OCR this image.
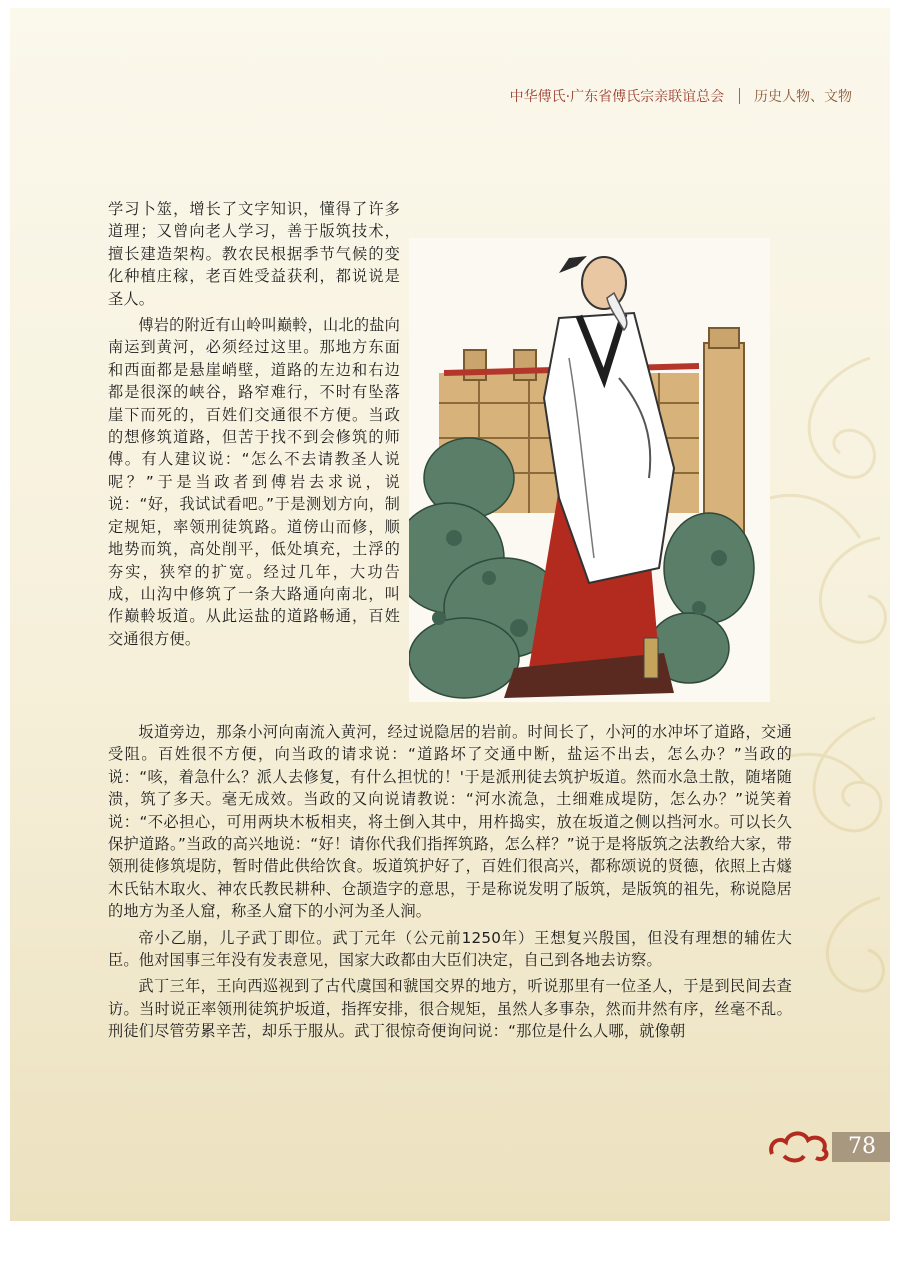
中华傅氏·广东省傅氏宗亲联谊总会 历史人物、文物

学习卜筮，增长了文字知识，懂得了许多道理；又曾向老人学习，善于版筑技术，擅长建造架构。教农民根据季节气候的变化种植庄稼，老百姓受益获利，都说说是圣人。

傅岩的附近有山岭叫巅軨，山北的盐向南运到黄河，必须经过这里。那地方东面和西面都是悬崖峭壁，道路的左边和右边都是很深的峡谷，路窄难行，不时有坠落崖下而死的，百姓们交通很不方便。当政的想修筑道路，但苦于找不到会修筑的师傅。有人建议说：“怎么不去请教圣人说呢？”于是当政者到傅岩去求说，说说：“好，我试试看吧。”于是测划方向，制定规矩，率领刑徒筑路。道傍山而修，顺地势而筑，高处削平，低处填充，土浮的夯实，狭窄的扩宽。经过几年，大功告成，山沟中修筑了一条大路通向南北，叫作巅軨坂道。从此运盐的道路畅通，百姓交通很方便。

坂道旁边，那条小河向南流入黄河，经过说隐居的岩前。时间长了，小河的水冲坏了道路，交通受阻。百姓很不方便，向当政的请求说：“道路坏了交通中断，盐运不出去，怎么办？”当政的说：“咳，着急什么？派人去修复，有什么担忧的！'于是派刑徒去筑护坂道。然而水急土散，随堵随溃，筑了多天。毫无成效。当政的又向说请教说：“河水流急，土细难成堤防，怎么办？”说笑着说：“不必担心，可用两块木板相夹，将土倒入其中，用杵捣实，放在坂道之侧以挡河水。可以长久保护道路。”当政的高兴地说：“好！请你代我们指挥筑路，怎么样？”说于是将版筑之法教给大家，带领刑徒修筑堤防，暂时借此供给饮食。坂道筑护好了，百姓们很高兴，都称颂说的贤德，依照上古燧木氏钻木取火、神农氏教民耕种、仓颉造字的意思，于是称说发明了版筑，是版筑的祖先，称说隐居的地方为圣人窟，称圣人窟下的小河为圣人涧。

帝小乙崩，儿子武丁即位。武丁元年（公元前1250年）王想复兴殷国，但没有理想的辅佐大臣。他对国事三年没有发表意见，国家大政都由大臣们决定，自己到各地去访察。

武丁三年，王向西巡视到了古代虞国和虢国交界的地方，听说那里有一位圣人，于是到民间去查访。当时说正率领刑徒筑护坂道，指挥安排，很合规矩，虽然人多事杂，然而井然有序，丝毫不乱。刑徒们尽管劳累辛苦，却乐于服从。武丁很惊奇便询问说：“那位是什么人哪，就像朝

78
